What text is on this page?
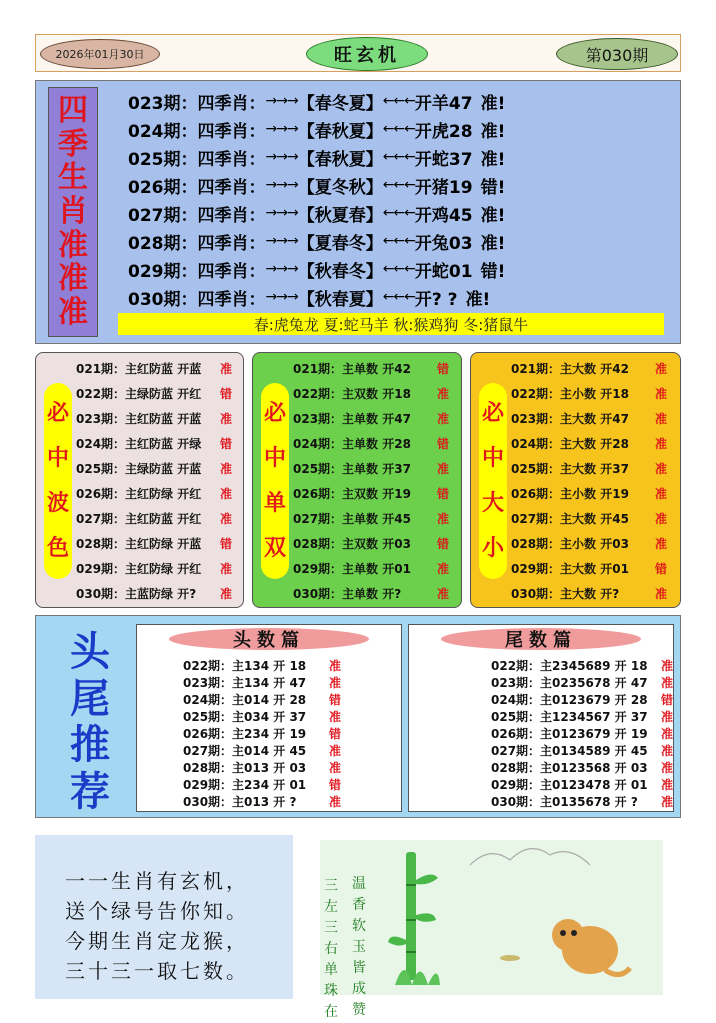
2026年01月30日	旺玄机	第030期
四
季
生
肖
准
准
准
023期： 四季肖： →→→ 【春冬夏】 ←←← 开羊47 准!
024期： 四季肖： →→→ 【春秋夏】 ←←← 开虎28 准!
025期： 四季肖： →→→ 【春秋夏】 ←←← 开蛇37 准!
026期： 四季肖： →→→ 【夏冬秋】 ←←← 开猪19 错!
027期： 四季肖： →→→ 【秋夏春】 ←←← 开鸡45 准!
028期： 四季肖： →→→ 【夏春冬】 ←←← 开兔03 准!
029期： 四季肖： →→→ 【秋春冬】 ←←← 开蛇01 错!
030期： 四季肖： →→→ 【秋春夏】 ←←← 开? ? 准!
春:虎兔龙 夏:蛇马羊 秋:猴鸡狗 冬:猪鼠牛
必
中
波
色
021期：主红防蓝 开蓝 准
022期：主绿防蓝 开红 错
023期：主红防蓝 开蓝 准
024期：主红防蓝 开绿 错
025期：主绿防蓝 开蓝 准
026期：主红防绿 开红 准
027期：主红防蓝 开红 准
028期：主红防绿 开蓝 错
029期：主红防绿 开红 准
030期：主蓝防绿 开? 准
必
中
单
双
021期：主单数 开42 错
022期：主双数 开18 准
023期：主单数 开47 准
024期：主单数 开28 错
025期：主单数 开37 准
026期：主双数 开19 错
027期：主单数 开45 准
028期：主双数 开03 错
029期：主单数 开01 准
030期：主单数 开?	准
必
中
大
小
021期：主大数 开42 准
022期：主小数 开18 准
023期：主大数 开47 准
024期：主大数 开28 准
025期：主大数 开37 准
026期：主小数 开19 准
027期：主大数 开45 准
028期：主小数 开03 准
029期：主大数 开01 错
030期：主大数 开?	准
头
尾
推
荐
头数篇
022期：主134 开 18 准
023期：主134 开 47 准
024期：主014 开 28 错
025期：主034 开 37 准
026期：主234 开 19 错
027期：主014 开 45 准
028期：主013 开 03 准
029期：主234 开 01 错
030期：主013 开 ?	准
尾数篇
022期：主2345689 开 18 准
023期：主0235678 开 47 准
024期：主0123679 开 28 错
025期：主1234567 开 37 准
026期：主0123679 开 19 准
027期：主0134589 开 45 准
028期：主0123568 开 03 准
029期：主0123478 开 01 准
030期：主0135678 开 ? 准
一一生肖有玄机，
送个绿号告你知。
今期生肖定龙猴，
三十三一取七数。
三
左
三
右
单
珠
在
温
香
软
玉
皆
成
赞
